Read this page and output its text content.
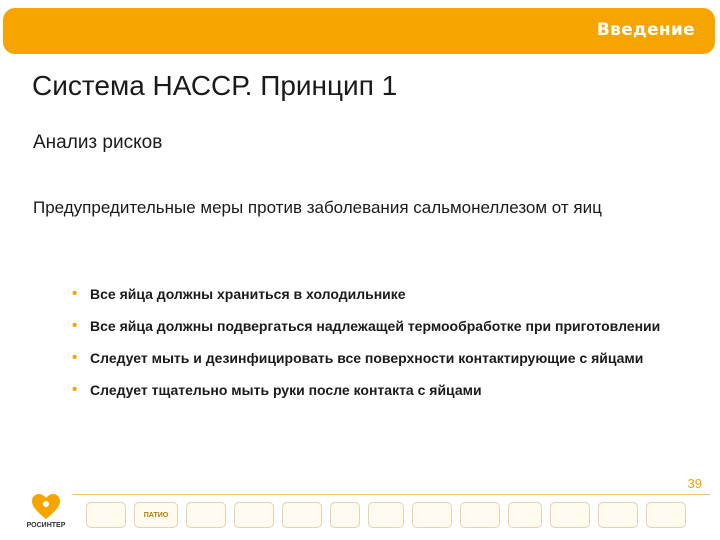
Введение
Система НАССР. Принцип 1
Анализ рисков

Предупредительные меры против заболевания сальмонеллезом от яиц

• Все яйца должны храниться в холодильнике
• Все яйца должны подвергаться надлежащей термообработке при приготовлении
• Следует мыть и дезинфицировать все поверхности контактирующие с яйцами
• Следует тщательно мыть руки после контакта с яйцами
39
РОСИНТЕР
ПАТИО
